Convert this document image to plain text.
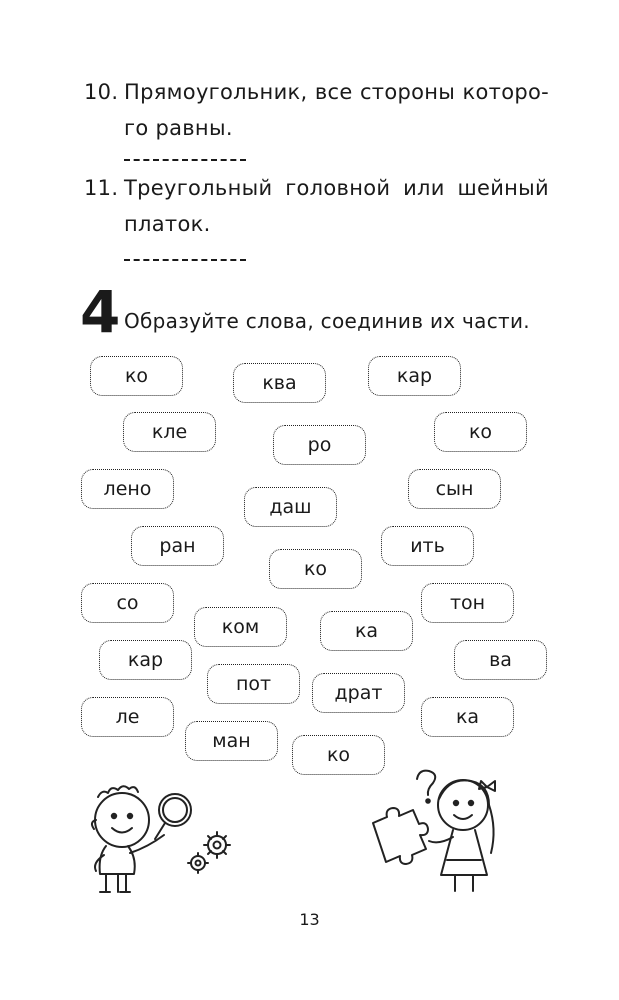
10. Прямоугольник, все стороны которо-
го равны.
11. Треугольный головной или шейный
платок.
4 Образуйте слова, соединив их части.
ко	ква	кар
кле
ро
ко
лено
даш
сын
ран
ко
ить
со
ком	ка
тон
кар
пот	драт
ва
ле
ман
ко
ка
13
